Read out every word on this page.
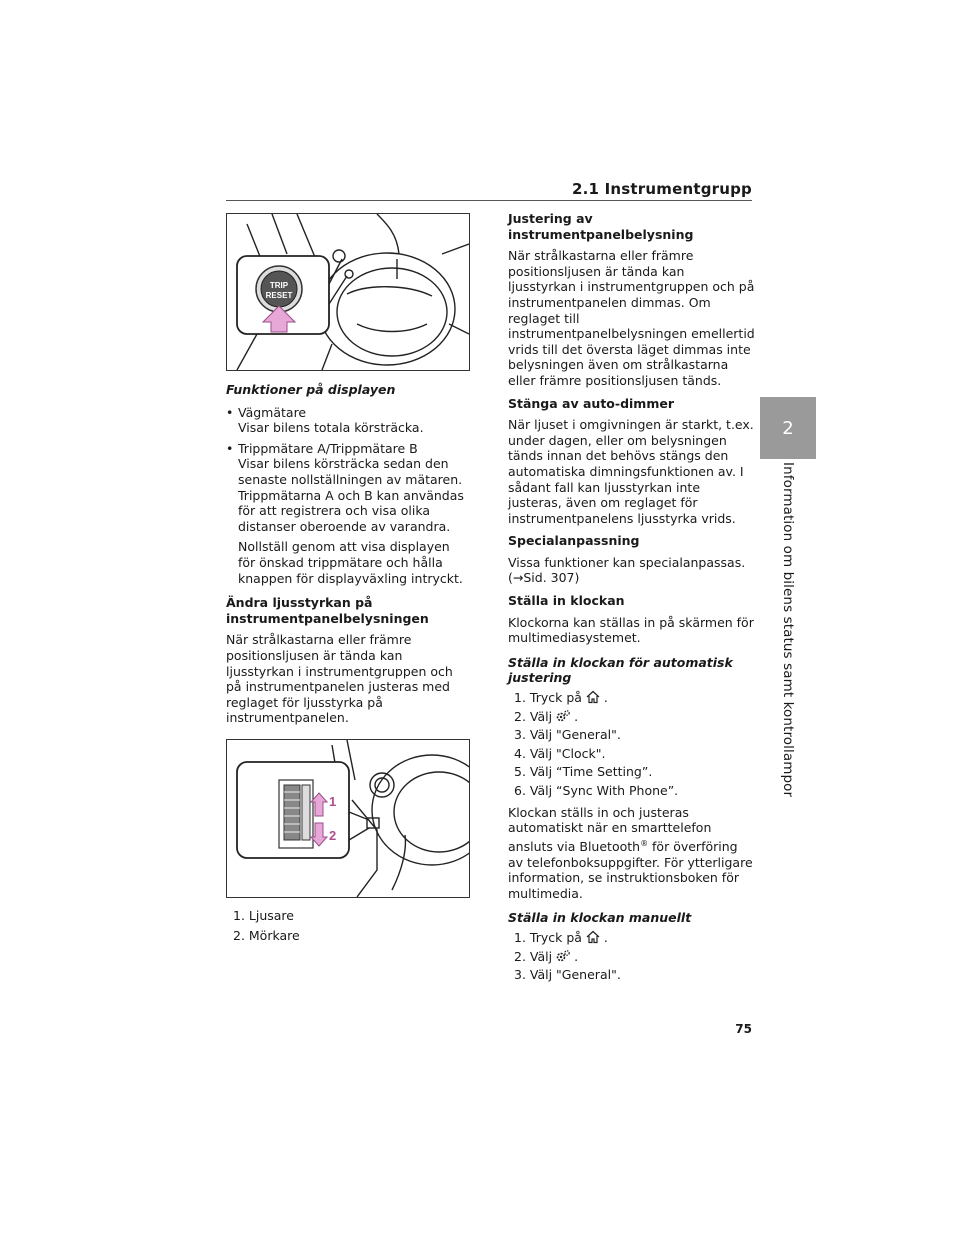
2.1 Instrumentgrupp
2
Information om bilens status samt kontrollampor
TRIP
RESET

Funktioner på displayen

• Vägmätare

Visar bilens totala körsträcka.

• Trippmätare A/Trippmätare B

Visar bilens körsträcka sedan den senaste nollställningen av mätaren. Trippmätarna A och B kan användas för att registrera och visa olika distanser oberoende av varandra.

Nollställ genom att visa displayen för önskad trippmätare och hålla knappen för displayväxling intryckt.

Ändra ljusstyrkan på

instrumentpanelbelysningen

När strålkastarna eller främre positionsljusen är tända kan ljusstyrkan i instrumentgruppen och på instrumentpanelen justeras med reglaget för ljusstyrka på instrumentpanelen.

1
2

1. Ljusare

2. Mörkare

Justering av instrumentpanelbelysning

När strålkastarna eller främre positionsljusen är tända kan ljusstyrkan i instrumentgruppen och på instrumentpanelen dimmas. Om reglaget till instrumentpanelbelysningen emellertid vrids till det översta läget dimmas inte belysningen även om strålkastarna eller främre positionsljusen tänds.

Stänga av auto-dimmer

När ljuset i omgivningen är starkt, t.ex. under dagen, eller om belysningen tänds innan det behövs stängs den automatiska dimningsfunktionen av. I sådant fall kan ljusstyrkan inte justeras, även om reglaget för instrumentpanelens ljusstyrka vrids.

Specialanpassning

Vissa funktioner kan specialanpassas.

(→Sid. 307)

Ställa in klockan

Klockorna kan ställas in på skärmen för multimediasystemet.

Ställa in klockan för automatisk

justering

1. Tryck på .

2. Välj .

3. Välj "General".

4. Välj "Clock".

5. Välj “Time Setting”.

6. Välj “Sync With Phone”.

Klockan ställs in och justeras automatiskt när en smarttelefon ansluts via Bluetooth® för överföring av telefonboksuppgifter. För ytterligare information, se instruktionsboken för multimedia.

Ställa in klockan manuellt

1. Tryck på .

2. Välj .

3. Välj "General".

75
